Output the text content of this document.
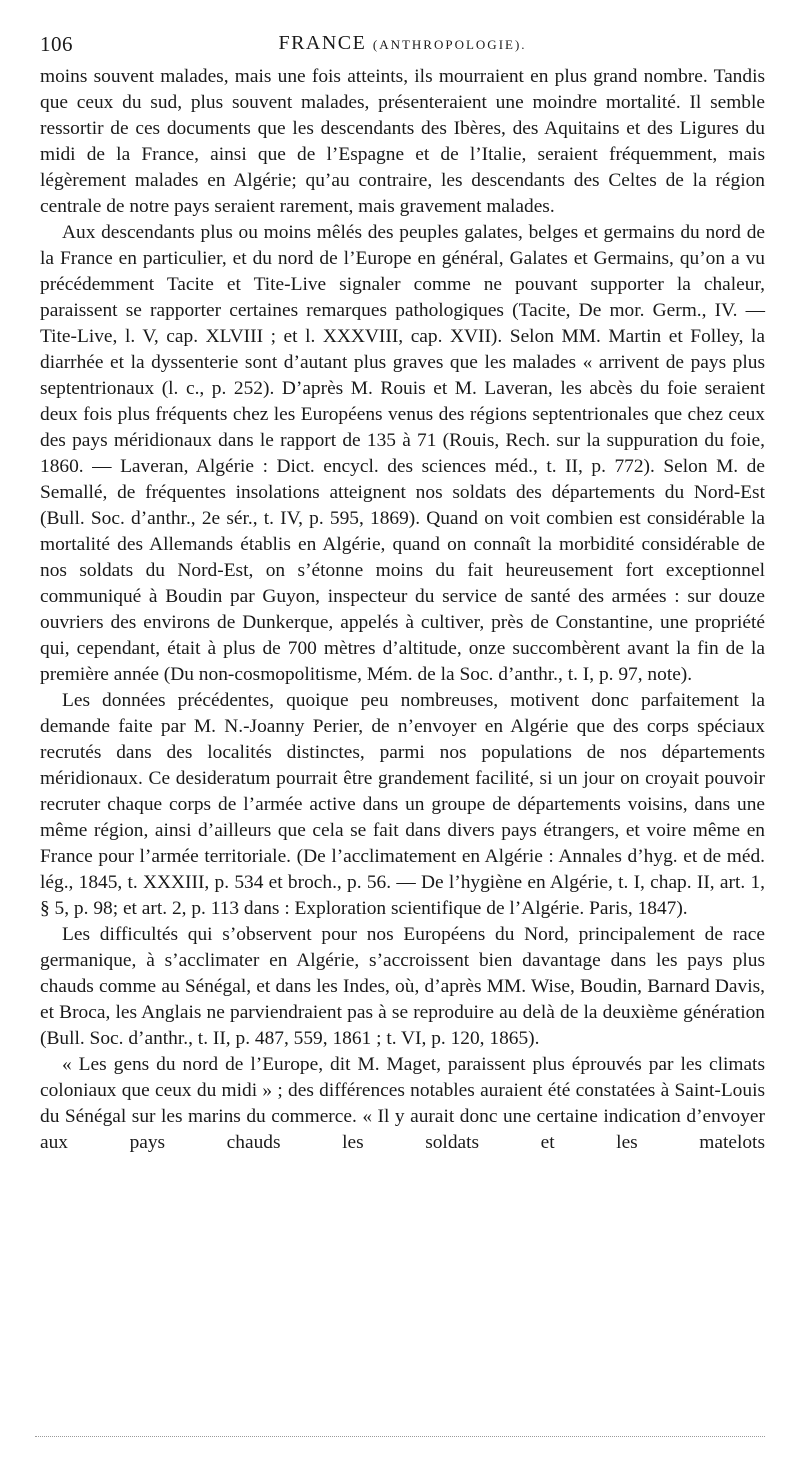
106	FRANCE (ANTHROPOLOGIE).

moins souvent malades, mais une fois atteints, ils mourraient en plus grand nombre. Tandis que ceux du sud, plus souvent malades, présenteraient une moindre mortalité. Il semble ressortir de ces documents que les descendants des Ibères, des Aquitains et des Ligures du midi de la France, ainsi que de l’Espagne et de l’Italie, seraient fréquemment, mais légèrement malades en Algérie; qu’au contraire, les descendants des Celtes de la région centrale de notre pays seraient rarement, mais gravement malades.

Aux descendants plus ou moins mêlés des peuples galates, belges et germains du nord de la France en particulier, et du nord de l’Europe en général, Galates et Germains, qu’on a vu précédemment Tacite et Tite-Live signaler comme ne pouvant supporter la chaleur, paraissent se rapporter certaines remarques pathologiques (Tacite, De mor. Germ., IV. — Tite-Live, l. V, cap. XLVIII ; et l. XXXVIII, cap. XVII). Selon MM. Martin et Folley, la diarrhée et la dyssenterie sont d’autant plus graves que les malades « arrivent de pays plus septentrionaux (l. c., p. 252). D’après M. Rouis et M. Laveran, les abcès du foie seraient deux fois plus fréquents chez les Européens venus des régions septentrionales que chez ceux des pays méridionaux dans le rapport de 135 à 71 (Rouis, Rech. sur la suppuration du foie, 1860. — Laveran, Algérie : Dict. encycl. des sciences méd., t. II, p. 772). Selon M. de Semallé, de fréquentes insolations atteignent nos soldats des départements du Nord-Est (Bull. Soc. d’anthr., 2e sér., t. IV, p. 595, 1869). Quand on voit combien est considérable la mortalité des Allemands établis en Algérie, quand on connaît la morbidité considérable de nos soldats du Nord-Est, on s’étonne moins du fait heureusement fort exceptionnel communiqué à Boudin par Guyon, inspecteur du service de santé des armées : sur douze ouvriers des environs de Dunkerque, appelés à cultiver, près de Constantine, une propriété qui, cependant, était à plus de 700 mètres d’altitude, onze succombèrent avant la fin de la première année (Du non-cosmopolitisme, Mém. de la Soc. d’anthr., t. I, p. 97, note).

Les données précédentes, quoique peu nombreuses, motivent donc parfaitement la demande faite par M. N.-Joanny Perier, de n’envoyer en Algérie que des corps spéciaux recrutés dans des localités distinctes, parmi nos populations de nos départements méridionaux. Ce desideratum pourrait être grandement facilité, si un jour on croyait pouvoir recruter chaque corps de l’armée active dans un groupe de départements voisins, dans une même région, ainsi d’ailleurs que cela se fait dans divers pays étrangers, et voire même en France pour l’armée territoriale. (De l’acclimatement en Algérie : Annales d’hyg. et de méd. lég., 1845, t. XXXIII, p. 534 et broch., p. 56. — De l’hygiène en Algérie, t. I, chap. II, art. 1, § 5, p. 98; et art. 2, p. 113 dans : Exploration scientifique de l’Algérie. Paris, 1847).

Les difficultés qui s’observent pour nos Européens du Nord, principalement de race germanique, à s’acclimater en Algérie, s’accroissent bien davantage dans les pays plus chauds comme au Sénégal, et dans les Indes, où, d’après MM. Wise, Boudin, Barnard Davis, et Broca, les Anglais ne parviendraient pas à se reproduire au delà de la deuxième génération (Bull. Soc. d’anthr., t. II, p. 487, 559, 1861 ; t. VI, p. 120, 1865).

« Les gens du nord de l’Europe, dit M. Maget, paraissent plus éprouvés par les climats coloniaux que ceux du midi » ; des différences notables auraient été constatées à Saint-Louis du Sénégal sur les marins du commerce. « Il y aurait donc une certaine indication d’envoyer aux pays chauds les soldats et les matelots
